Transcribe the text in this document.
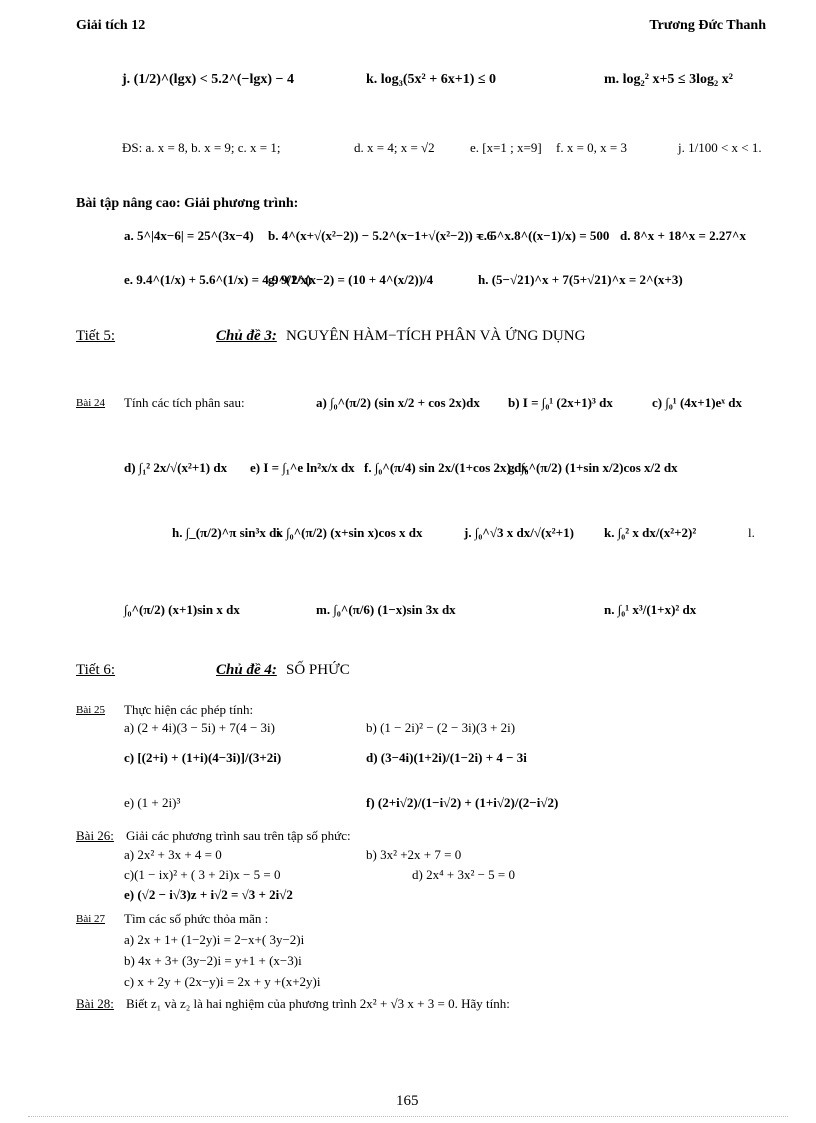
Giải tích 12	Trương Đức Thanh
j. (1/2)^(lgx) < 5.2^(−lgx) − 4	k. log₃(5x² + 6x+1) ≤ 0	m. log₂² x+5 ≤ 3log₂ x²
ĐS: a. x = 8, b. x = 9; c. x = 1;	d. x = 4; x = √2	e. [x=1 ; x=9] f. x = 0, x = 3	j. 1/100 < x < 1.
Bài tập nâng cao: Giải phương trình:
a. 5^|4x−6| = 25^(3x−4) b. 4^(x+√(x²−2)) − 5.2^(x−1+√(x²−2)) = 6
c. 5^x.8^((x−1)/x) = 500 d. 8^x + 18^x = 2.27^x
e. 9.4^(1/x) + 5.6^(1/x) = 4.9^(1/x)
g. 9/2^(x−2) = (10 + 4^(x/2))/4	h. (5−√21)^x + 7(5+√21)^x = 2^(x+3)
Tiết 5:	Chủ đề 3: NGUYÊN HÀM−TÍCH PHÂN VÀ ỨNG DỤNG
Bài 24 Tính các tích phân sau:	a) ∫₀^(π/2) (sin x/2 + cos 2x)dx b) I = ∫₀¹ (2x+1)³ dx	c) ∫₀¹ (4x+1)eˣ dx
d) ∫₁² 2x/√(x²+1) dx e) I = ∫₁^e ln²x/x dx f. ∫₀^(π/4) sin 2x/(1+cos 2x) dx
g. ∫₀^(π/2) (1+sin x/2)cos x/2 dx
h. ∫_(π/2)^π sin³x dx
i. ∫₀^(π/2) (x+sin x)cos x dx	j. ∫₀^√3 x dx/√(x²+1) k. ∫₀² x dx/(x²+2)²	l.
∫₀^(π/2) (x+1)sin x dx	m. ∫₀^(π/6) (1−x)sin 3x dx	n. ∫₀¹ x³/(1+x)² dx
Tiết 6:	Chủ đề 4: SỐ PHỨC
Bài 25 Thực hiện các phép tính:
a) (2 + 4i)(3 − 5i) + 7(4 − 3i)	b) (1 − 2i)² − (2 − 3i)(3 + 2i)
c) [(2+i) + (1+i)(4−3i)]/(3+2i)	d) (3−4i)(1+2i)/(1−2i) + 4 − 3i
e) (1 + 2i)³	f) (2+i√2)/(1−i√2) + (1+i√2)/(2−i√2)
Bài 26: Giải các phương trình sau trên tập số phức:
a) 2x² + 3x + 4 = 0	b) 3x² +2x + 7 = 0
c)(1 − ix)² + ( 3 + 2i)x − 5 = 0	d) 2x⁴ + 3x² − 5 = 0
e) (√2 − i√3)z + i√2 = √3 + 2i√2
Bài 27 Tìm các số phức thỏa mãn :
a) 2x + 1+ (1−2y)i = 2−x+( 3y−2)i
b) 4x + 3+ (3y−2)i = y+1 + (x−3)i
c) x + 2y + (2x−y)i = 2x + y +(x+2y)i
Bài 28: Biết z₁ và z₂ là hai nghiệm của phương trình 2x² + √3 x + 3 = 0. Hãy tính:
165
